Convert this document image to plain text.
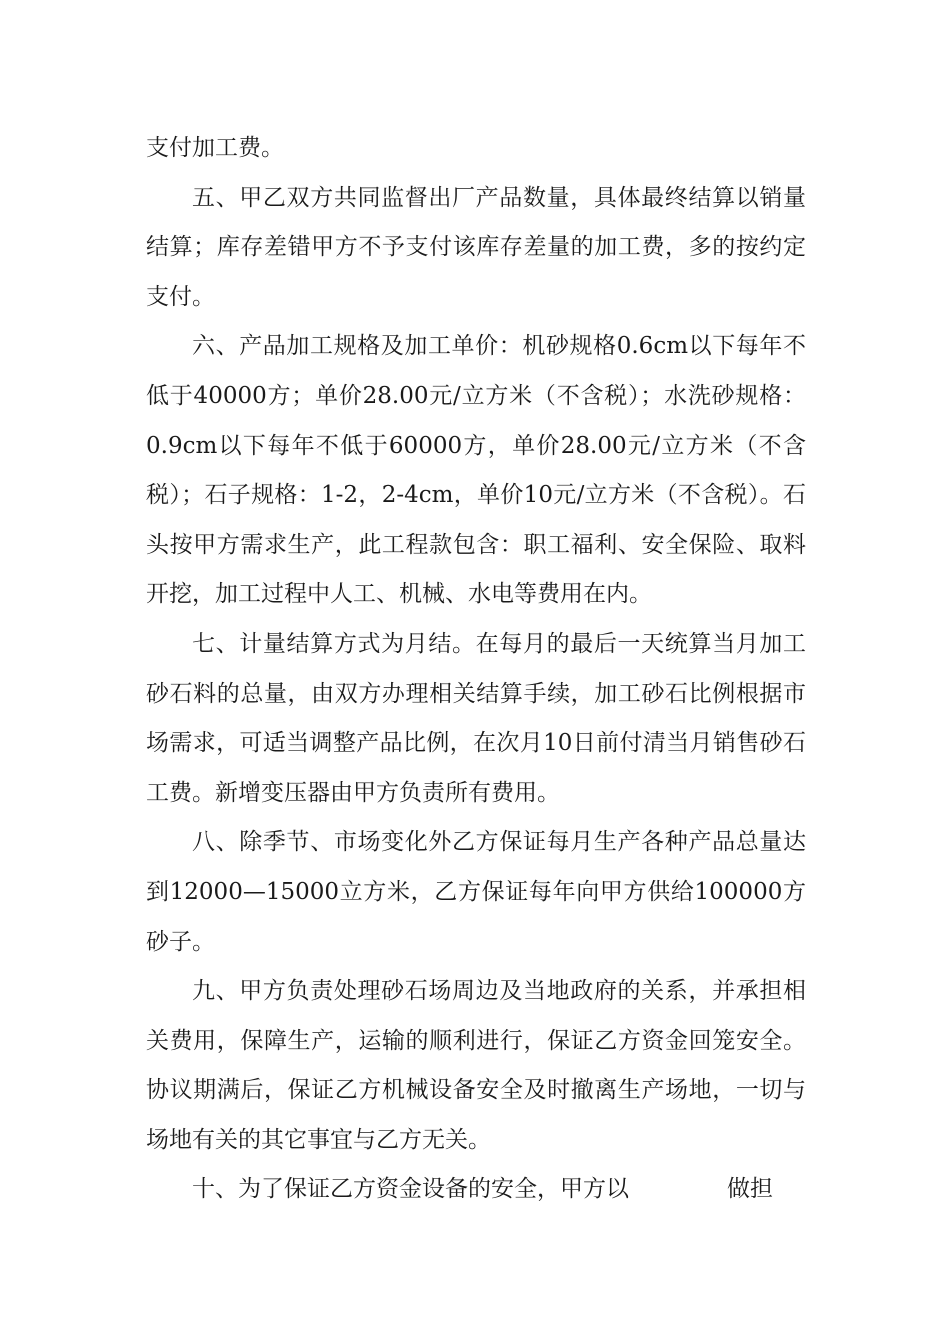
支付加工费。

五、甲乙双方共同监督出厂产品数量，具体最终结算以销量结算；库存差错甲方不予支付该库存差量的加工费，多的按约定支付。

六、产品加工规格及加工单价：机砂规格0.6cm以下每年不低于40000方；单价28.00元/立方米（不含税）；水洗砂规格：0.9cm以下每年不低于60000方，单价28.00元/立方米（不含税）；石子规格：1-2，2-4cm，单价10元/立方米（不含税）。石头按甲方需求生产，此工程款包含：职工福利、安全保险、取料开挖，加工过程中人工、机械、水电等费用在内。

七、计量结算方式为月结。在每月的最后一天统算当月加工砂石料的总量，由双方办理相关结算手续，加工砂石比例根据市场需求，可适当调整产品比例，在次月10日前付清当月销售砂石工费。新增变压器由甲方负责所有费用。

八、除季节、市场变化外乙方保证每月生产各种产品总量达到12000—15000立方米，乙方保证每年向甲方供给100000方砂子。

九、甲方负责处理砂石场周边及当地政府的关系，并承担相关费用，保障生产，运输的顺利进行，保证乙方资金回笼安全。协议期满后，保证乙方机械设备安全及时撤离生产场地，一切与场地有关的其它事宜与乙方无关。

十、为了保证乙方资金设备的安全，甲方以	做担
